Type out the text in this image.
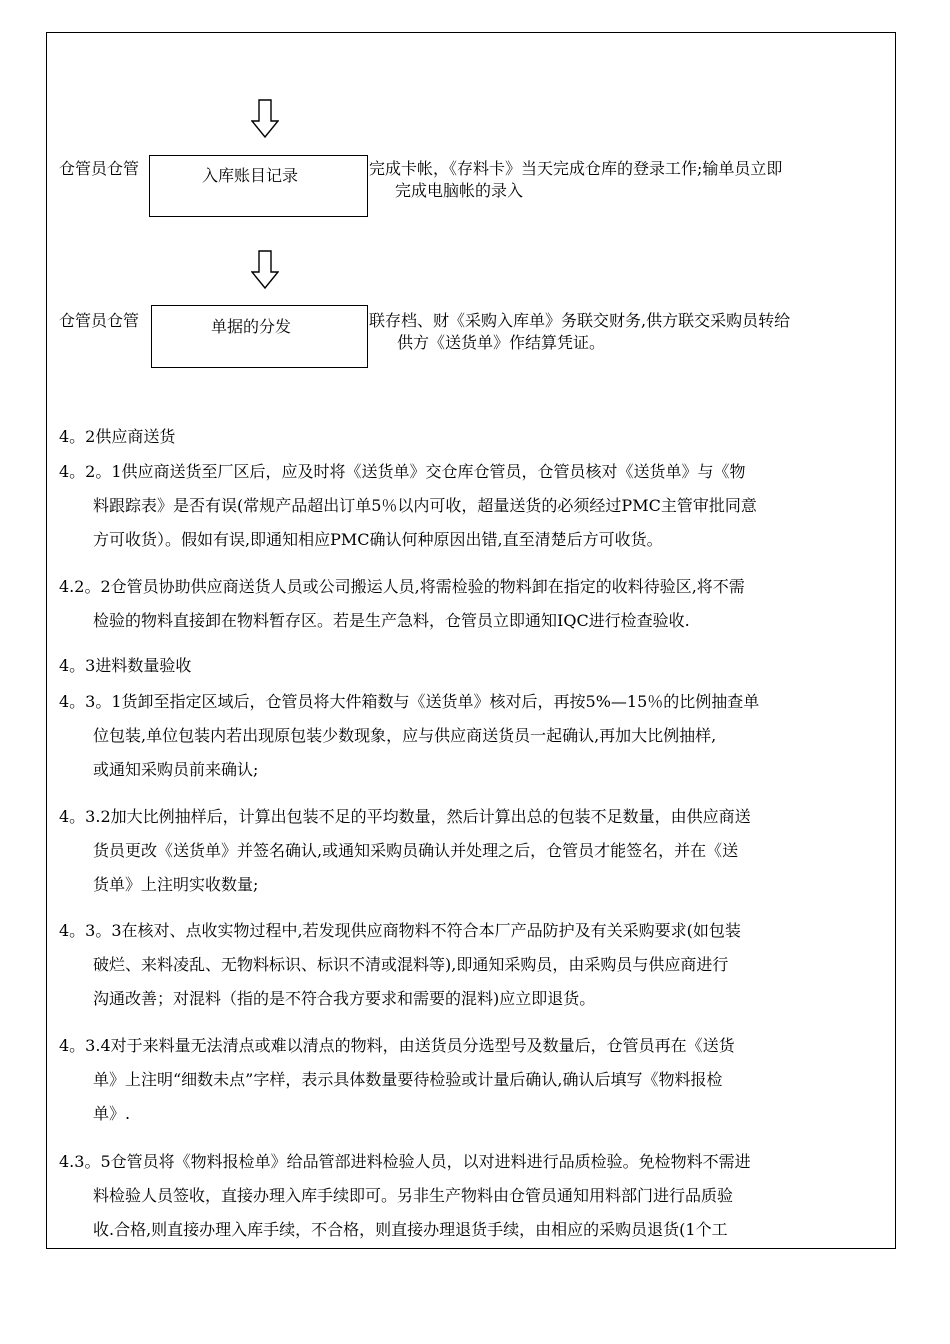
仓管员仓管	入库账目记录	完成卡帐，《存料卡》当天完成仓库的登录工作;输单员立即
完成电脑帐的录入
仓管员仓管	单据的分发	联存档、财《采购入库单》务联交财务,供方联交采购员转给
供方《送货单》作结算凭证。
4。2供应商送货
4。2。1供应商送货至厂区后，应及时将《送货单》交仓库仓管员，仓管员核对《送货单》与《物
料跟踪表》是否有误(常规产品超出订单5％以内可收，超量送货的必须经过PMC主管审批同意
方可收货）。假如有误,即通知相应PMC确认何种原因出错,直至清楚后方可收货。
4.2。2仓管员协助供应商送货人员或公司搬运人员,将需检验的物料卸在指定的收料待验区,将不需
检验的物料直接卸在物料暂存区。若是生产急料，仓管员立即通知IQC进行检查验收.
4。3进料数量验收
4。3。1货卸至指定区域后，仓管员将大件箱数与《送货单》核对后，再按5%—15％的比例抽查单
位包装,单位包装内若出现原包装少数现象，应与供应商送货员一起确认,再加大比例抽样,
或通知采购员前来确认;
4。3.2加大比例抽样后，计算出包装不足的平均数量，然后计算出总的包装不足数量，由供应商送
货员更改《送货单》并签名确认,或通知采购员确认并处理之后，仓管员才能签名，并在《送
货单》上注明实收数量;
4。3。3在核对、点收实物过程中,若发现供应商物料不符合本厂产品防护及有关采购要求(如包装
破烂、来料凌乱、无物料标识、标识不清或混料等),即通知采购员，由采购员与供应商进行
沟通改善；对混料（指的是不符合我方要求和需要的混料)应立即退货。
4。3.4对于来料量无法清点或难以清点的物料，由送货员分选型号及数量后，仓管员再在《送货
单》上注明“细数未点”字样，表示具体数量要待检验或计量后确认,确认后填写《物料报检
单》.
4.3。5仓管员将《物料报检单》给品管部进料检验人员，以对进料进行品质检验。免检物料不需进
料检验人员签收，直接办理入库手续即可。另非生产物料由仓管员通知用料部门进行品质验
收.合格,则直接办理入库手续，不合格，则直接办理退货手续，由相应的采购员退货(1个工
